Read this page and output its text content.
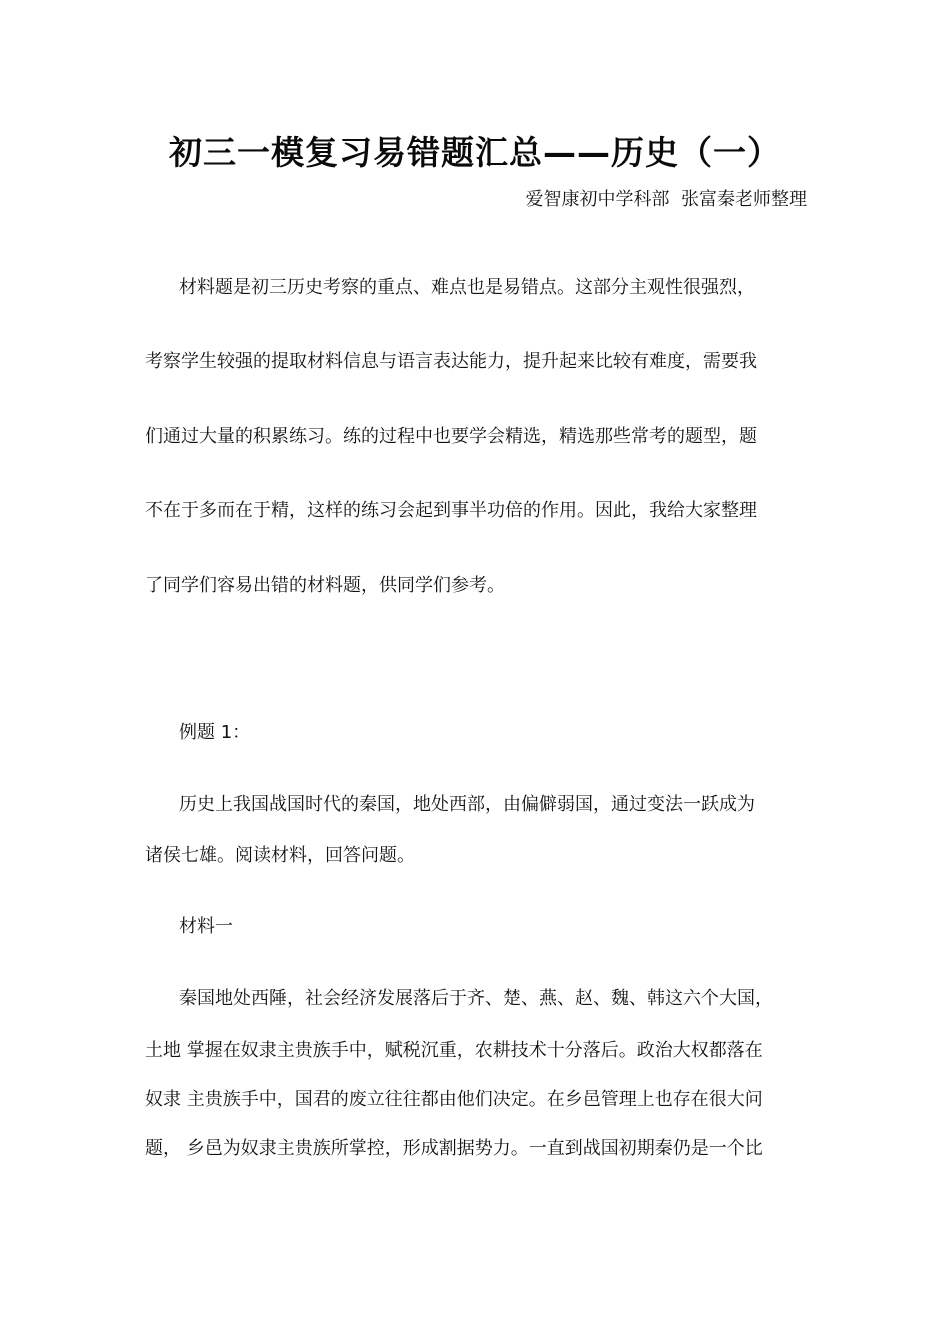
初三一模复习易错题汇总——历史（一）
爱智康初中学科部  张富秦老师整理
材料题是初三历史考察的重点、难点也是易错点。这部分主观性很强烈，
考察学生较强的提取材料信息与语言表达能力，提升起来比较有难度，需要我
们通过大量的积累练习。练的过程中也要学会精选，精选那些常考的题型，题
不在于多而在于精，这样的练习会起到事半功倍的作用。因此，我给大家整理
了同学们容易出错的材料题，供同学们参考。
例题 1：
历史上我国战国时代的秦国，地处西部，由偏僻弱国，通过变法一跃成为
诸侯七雄。阅读材料，回答问题。
材料一
秦国地处西陲，社会经济发展落后于齐、楚、燕、赵、魏、韩这六个大国，
土地 掌握在奴隶主贵族手中，赋税沉重，农耕技术十分落后。政治大权都落在
奴隶 主贵族手中，国君的废立往往都由他们决定。在乡邑管理上也存在很大问
题， 乡邑为奴隶主贵族所掌控，形成割据势力。一直到战国初期秦仍是一个比
